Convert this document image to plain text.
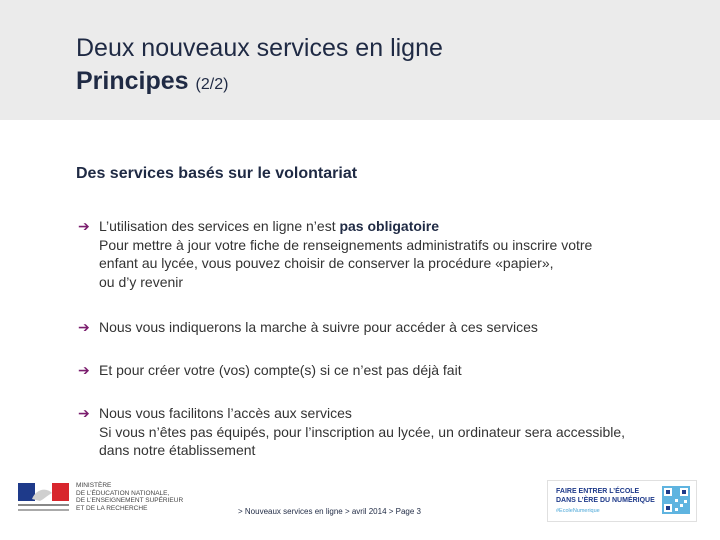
Deux nouveaux services en ligne
Principes (2/2)
Des services basés sur le volontariat
➔ L’utilisation des services en ligne n’est pas obligatoire
Pour mettre à jour votre fiche de renseignements administratifs ou inscrire votre
enfant au lycée, vous pouvez choisir de conserver la procédure «papier»,
ou d’y revenir
➔ Nous vous indiquerons la marche à suivre pour accéder à ces services
➔ Et pour créer votre (vos) compte(s) si ce n’est pas déjà fait
➔ Nous vous facilitons l’accès aux services
Si vous n’êtes pas équipés, pour l’inscription au lycée, un ordinateur sera accessible,
dans notre établissement
MINISTÈRE
DE L’ÉDUCATION NATIONALE,
DE L’ENSEIGNEMENT SUPÉRIEUR
ET DE LA RECHERCHE	> Nouveaux services en ligne > avril 2014 > Page 3
FAIRE ENTRER L’ÉCOLE
DANS L’ÈRE DU NUMÉRIQUE
#EcoleNumerique
